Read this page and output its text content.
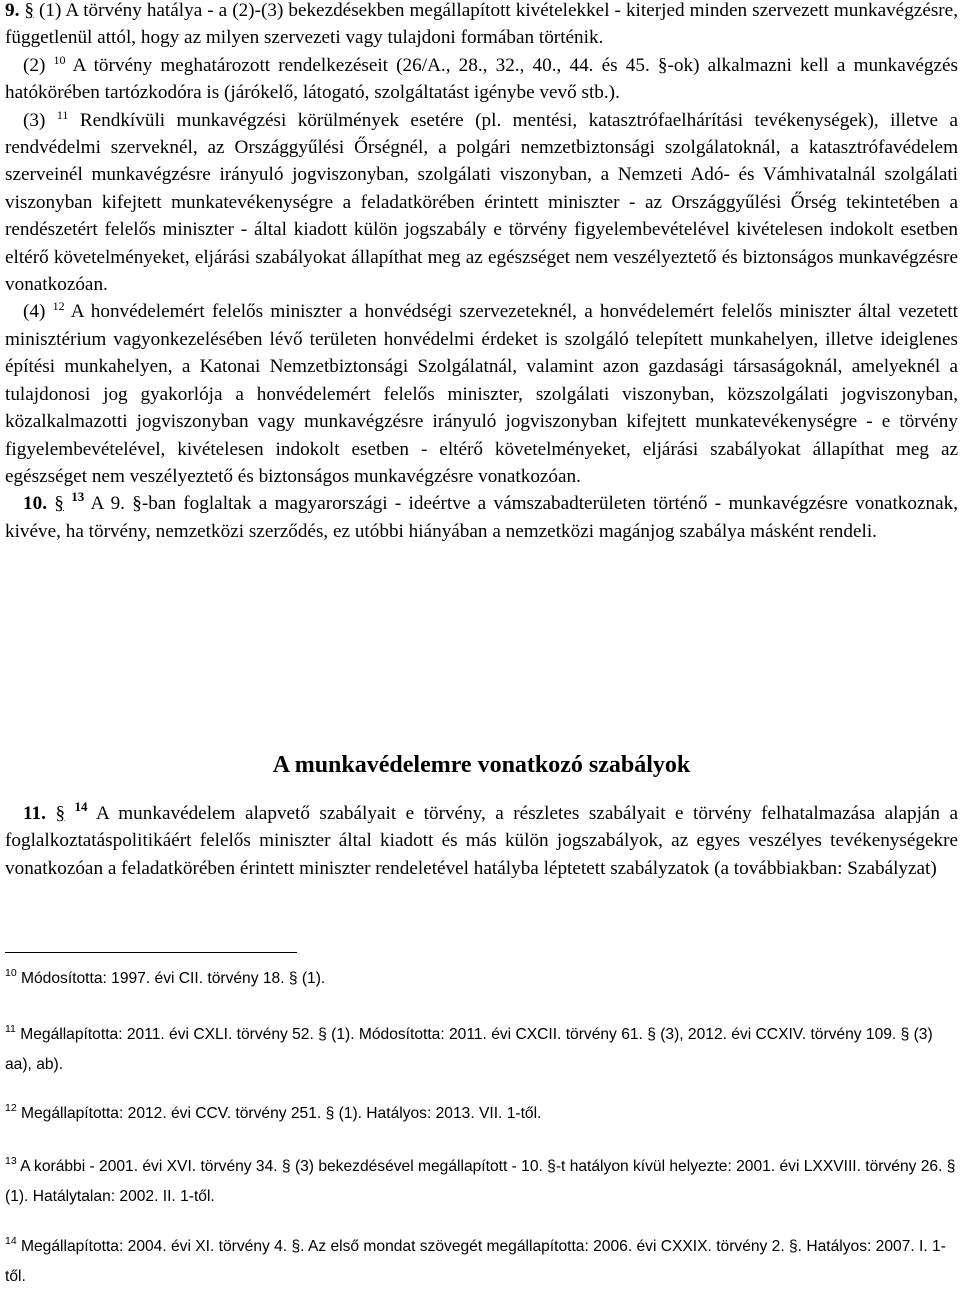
9. § (1) A törvény hatálya - a (2)-(3) bekezdésekben megállapított kivételekkel - kiterjed minden szervezett munkavégzésre, függetlenül attól, hogy az milyen szervezeti vagy tulajdoni formában történik.

(2) $^{10}$ A törvény meghatározott rendelkezéseit (26/A., 28., 32., 40., 44. és 45. §-ok) alkalmazni kell a munkavégzés hatókörében tartózkodóra is (járókelő, látogató, szolgáltatást igénybe vevő stb.).

(3) $^{11}$ Rendkívüli munkavégzési körülmények esetére (pl. mentési, katasztrófaelhárítási tevékenységek), illetve a rendvédelmi szerveknél, az Országgyűlési Őrségnél, a polgári nemzetbiztonsági szolgálatoknál, a katasztrófavédelem szerveinél munkavégzésre irányuló jogviszonyban, szolgálati viszonyban, a Nemzeti Adó- és Vámhivatalnál szolgálati viszonyban kifejtett munkatevékenységre a feladatkörében érintett miniszter - az Országgyűlési Őrség tekintetében a rendészetért felelős miniszter - által kiadott külön jogszabály e törvény figyelembevételével kivételesen indokolt esetben eltérő követelményeket, eljárási szabályokat állapíthat meg az egészséget nem veszélyeztető és biztonságos munkavégzésre vonatkozóan.

(4) $^{12}$ A honvédelemért felelős miniszter a honvédségi szervezeteknél, a honvédelemért felelős miniszter által vezetett minisztérium vagyonkezelésében lévő területen honvédelmi érdeket is szolgáló telepített munkahelyen, illetve ideiglenes építési munkahelyen, a Katonai Nemzetbiztonsági Szolgálatnál, valamint azon gazdasági társaságoknál, amelyeknél a tulajdonosi jog gyakorlója a honvédelemért felelős miniszter, szolgálati viszonyban, közszolgálati jogviszonyban, közalkalmazotti jogviszonyban vagy munkavégzésre irányuló jogviszonyban kifejtett munkatevékenységre - e törvény figyelembevételével, kivételesen indokolt esetben - eltérő követelményeket, eljárási szabályokat állapíthat meg az egészséget nem veszélyeztető és biztonságos munkavégzésre vonatkozóan.

10. § $^{13}$ A 9. §-ban foglaltak a magyarországi - ideértve a vámszabadterületen történő - munkavégzésre vonatkoznak, kivéve, ha törvény, nemzetközi szerződés, ez utóbbi hiányában a nemzetközi magánjog szabálya másként rendeli.

A munkavédelemre vonatkozó szabályok

11. § $^{14}$ A munkavédelem alapvető szabályait e törvény, a részletes szabályait e törvény felhatalmazása alapján a foglalkoztatáspolitikáért felelős miniszter által kiadott és más külön jogszabályok, az egyes veszélyes tevékenységekre vonatkozóan a feladatkörében érintett miniszter rendeletével hatályba léptetett szabályzatok (a továbbiakban: Szabályzat)

$^{10}$ Módosította: 1997. évi CII. törvény 18. § (1).

$^{11}$ Megállapította: 2011. évi CXLI. törvény 52. § (1). Módosította: 2011. évi CXCII. törvény 61. § (3), 2012. évi CCXIV. törvény 109. § (3) aa), ab).

$^{12}$ Megállapította: 2012. évi CCV. törvény 251. § (1). Hatályos: 2013. VII. 1-től.

$^{13}$ A korábbi - 2001. évi XVI. törvény 34. § (3) bekezdésével megállapított - 10. §-t hatályon kívül helyezte: 2001. évi LXXVIII. törvény 26. § (1). Hatálytalan: 2002. II. 1-től.

$^{14}$ Megállapította: 2004. évi XI. törvény 4. §. Az első mondat szövegét megállapította: 2006. évi CXXIX. törvény 2. §. Hatályos: 2007. I. 1-től.
